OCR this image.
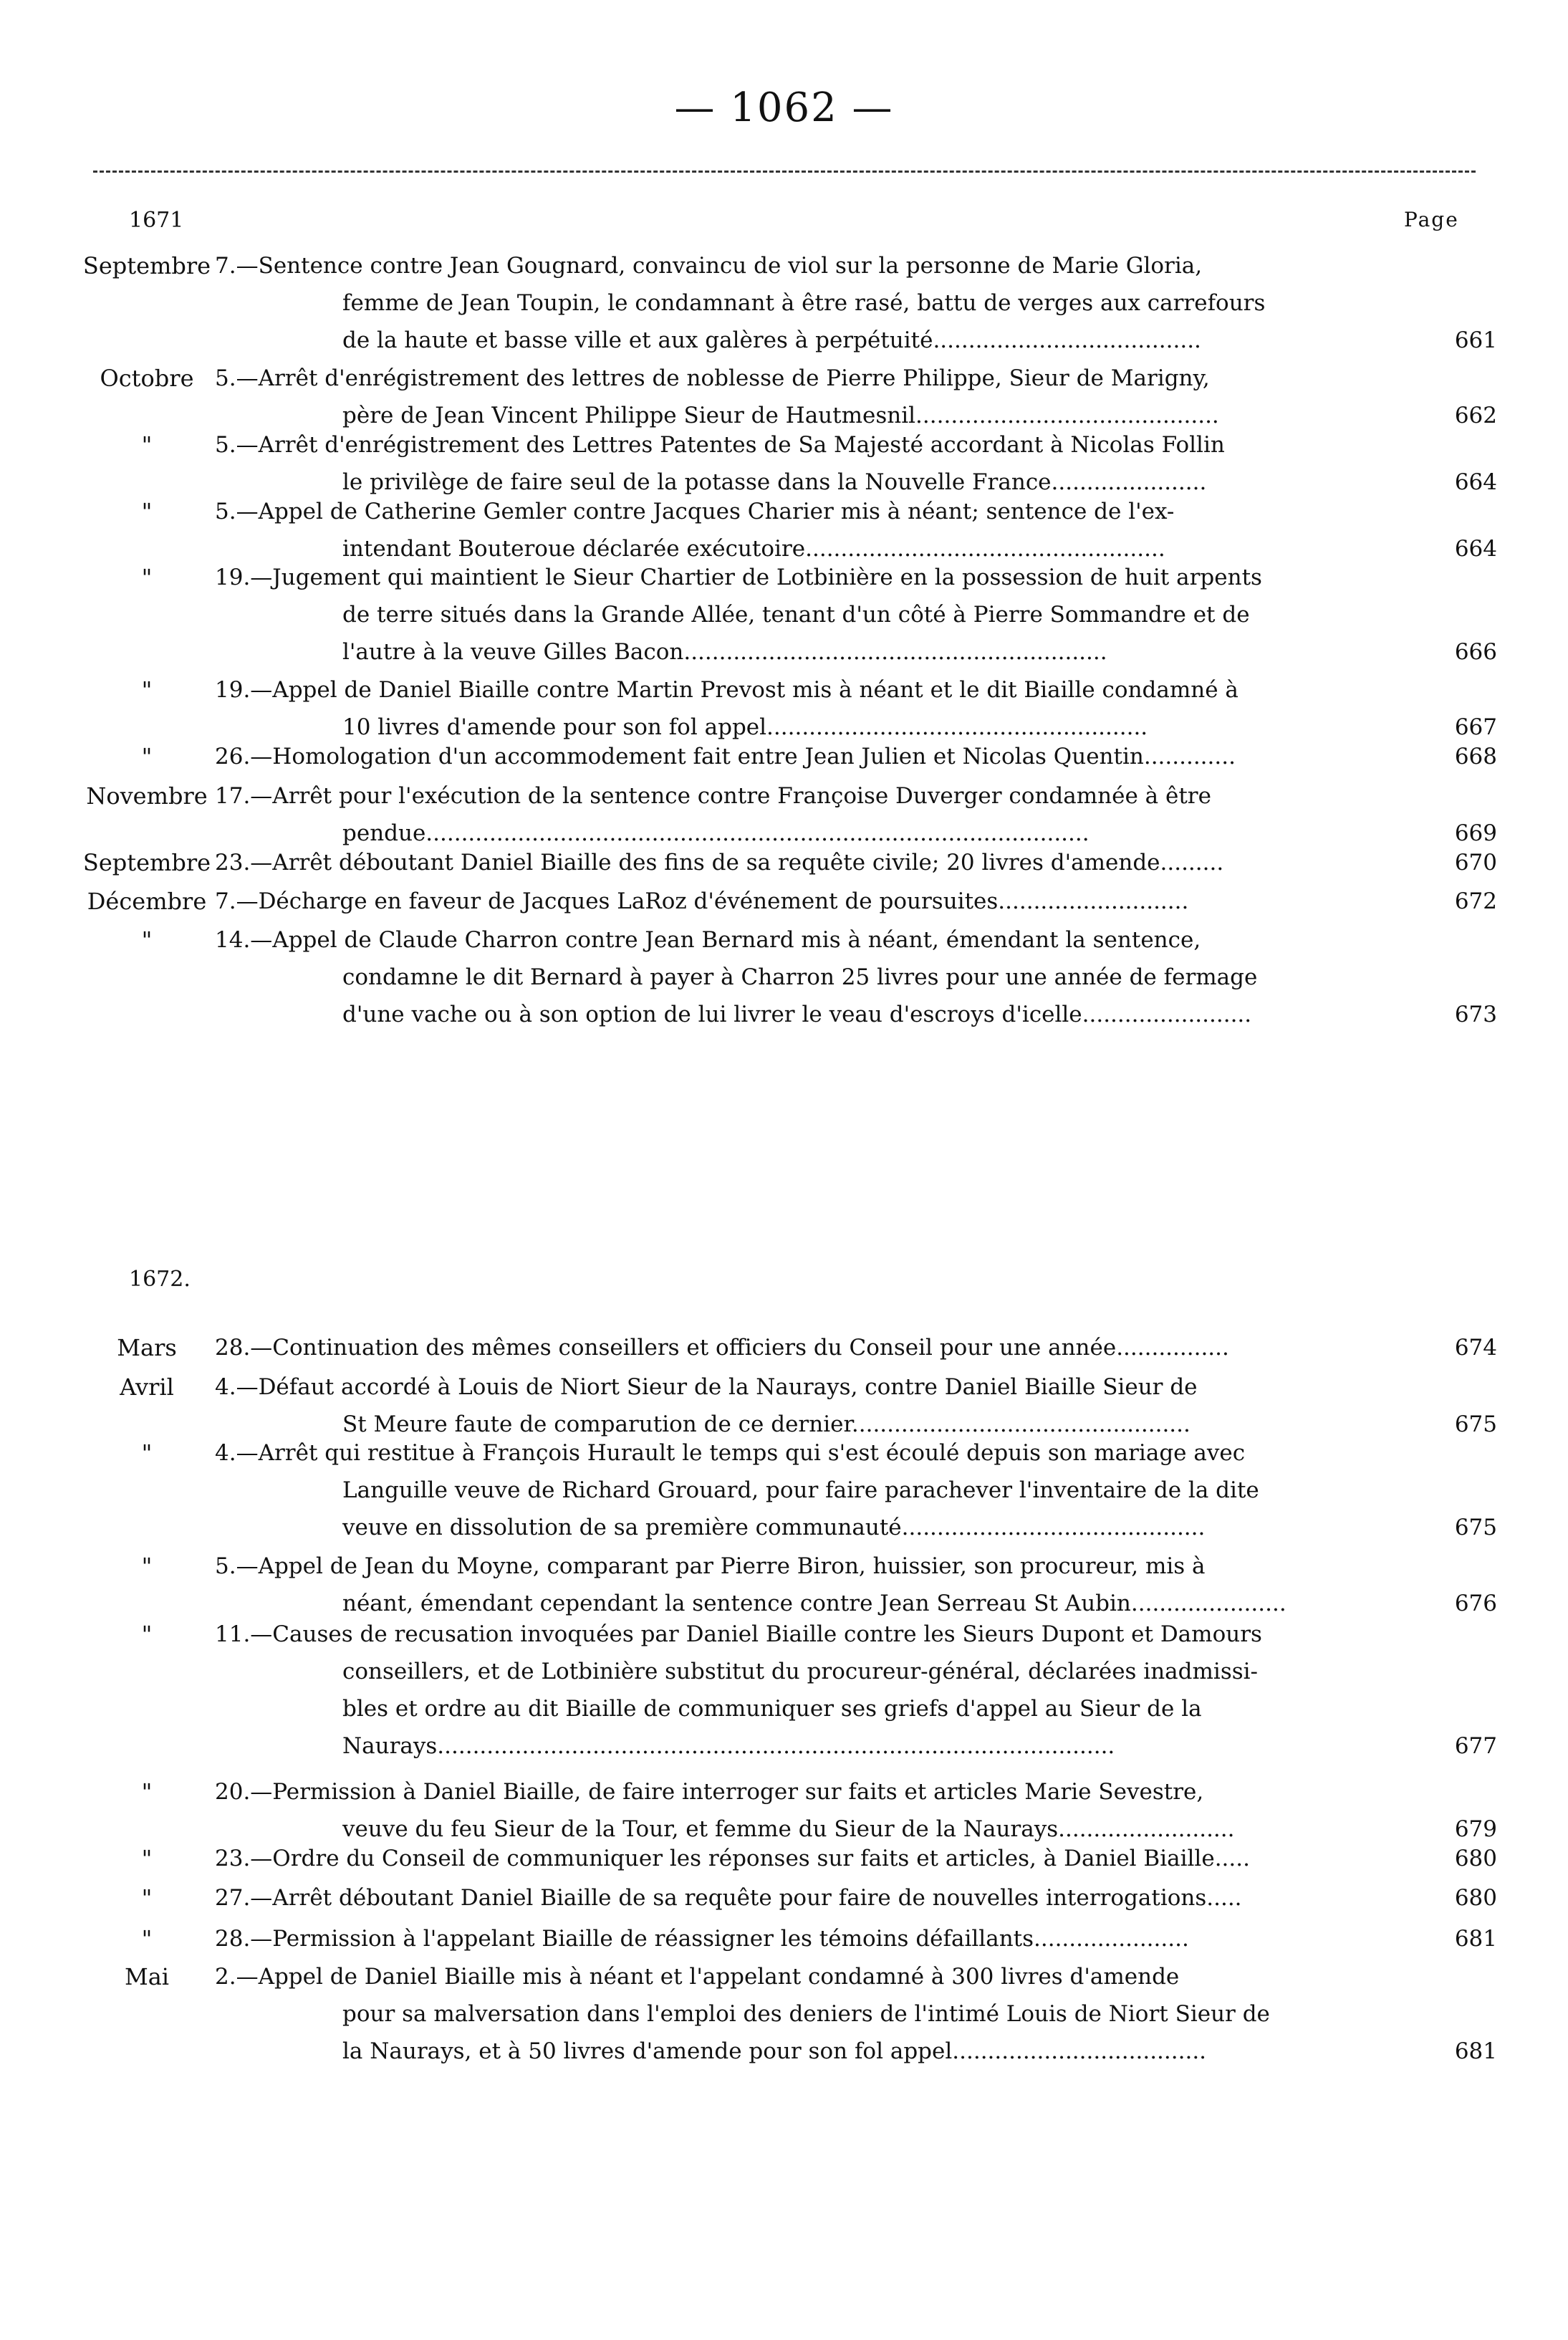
— 1062 —
1671	Page
1672.
Septembre 7.—Sentence contre Jean Gougnard, convaincu de viol sur la personne de Marie Gloria,
femme de Jean Toupin, le condamnant à être rasé, battu de verges aux carrefours
de la haute et basse ville et aux galères à perpétuité......................................	661
Octobre 5.—Arrêt d'enrégistrement des lettres de noblesse de Pierre Philippe, Sieur de Marigny,
père de Jean Vincent Philippe Sieur de Hautmesnil...........................................	662
"	5.—Arrêt d'enrégistrement des Lettres Patentes de Sa Majesté accordant à Nicolas Follin
le privilège de faire seul de la potasse dans la Nouvelle France......................	664
"	5.—Appel de Catherine Gemler contre Jacques Charier mis à néant; sentence de l'ex-
intendant Bouteroue déclarée exécutoire...................................................	664
"	19.—Jugement qui maintient le Sieur Chartier de Lotbinière en la possession de huit arpents
de terre situés dans la Grande Allée, tenant d'un côté à Pierre Sommandre et de
l'autre à la veuve Gilles Bacon............................................................	666
"	19.—Appel de Daniel Biaille contre Martin Prevost mis à néant et le dit Biaille condamné à
10 livres d'amende pour son fol appel......................................................	667
"	26.—Homologation d'un accommodement fait entre Jean Julien et Nicolas Quentin.............	668
Novembre 17.—Arrêt pour l'exécution de la sentence contre Françoise Duverger condamnée à être
pendue..............................................................................................	669
Septembre 23.—Arrêt déboutant Daniel Biaille des fins de sa requête civile; 20 livres d'amende.........	670
Décembre 7.—Décharge en faveur de Jacques LaRoz d'événement de poursuites...........................	672
"	14.—Appel de Claude Charron contre Jean Bernard mis à néant, émendant la sentence,
condamne le dit Bernard à payer à Charron 25 livres pour une année de fermage
d'une vache ou à son option de lui livrer le veau d'escroys d'icelle........................	673
Mars	28.—Continuation des mêmes conseillers et officiers du Conseil pour une année................	674
Avril	4.—Défaut accordé à Louis de Niort Sieur de la Naurays, contre Daniel Biaille Sieur de
St Meure faute de comparution de ce dernier................................................	675
"	4.—Arrêt qui restitue à François Hurault le temps qui s'est écoulé depuis son mariage avec
Languille veuve de Richard Grouard, pour faire parachever l'inventaire de la dite
veuve en dissolution de sa première communauté...........................................	675
"	5.—Appel de Jean du Moyne, comparant par Pierre Biron, huissier, son procureur, mis à
néant, émendant cependant la sentence contre Jean Serreau St Aubin......................	676
"	11.—Causes de recusation invoquées par Daniel Biaille contre les Sieurs Dupont et Damours
conseillers, et de Lotbinière substitut du procureur-général, déclarées inadmissi-
bles et ordre au dit Biaille de communiquer ses griefs d'appel au Sieur de la
Naurays................................................................................................	677
"	20.—Permission à Daniel Biaille, de faire interroger sur faits et articles Marie Sevestre,
veuve du feu Sieur de la Tour, et femme du Sieur de la Naurays.........................	679
"	23.—Ordre du Conseil de communiquer les réponses sur faits et articles, à Daniel Biaille.....	680
"	27.—Arrêt déboutant Daniel Biaille de sa requête pour faire de nouvelles interrogations.....	680
"	28.—Permission à l'appelant Biaille de réassigner les témoins défaillants......................	681
Mai	2.—Appel de Daniel Biaille mis à néant et l'appelant condamné à 300 livres d'amende
pour sa malversation dans l'emploi des deniers de l'intimé Louis de Niort Sieur de
la Naurays, et à 50 livres d'amende pour son fol appel....................................	681
